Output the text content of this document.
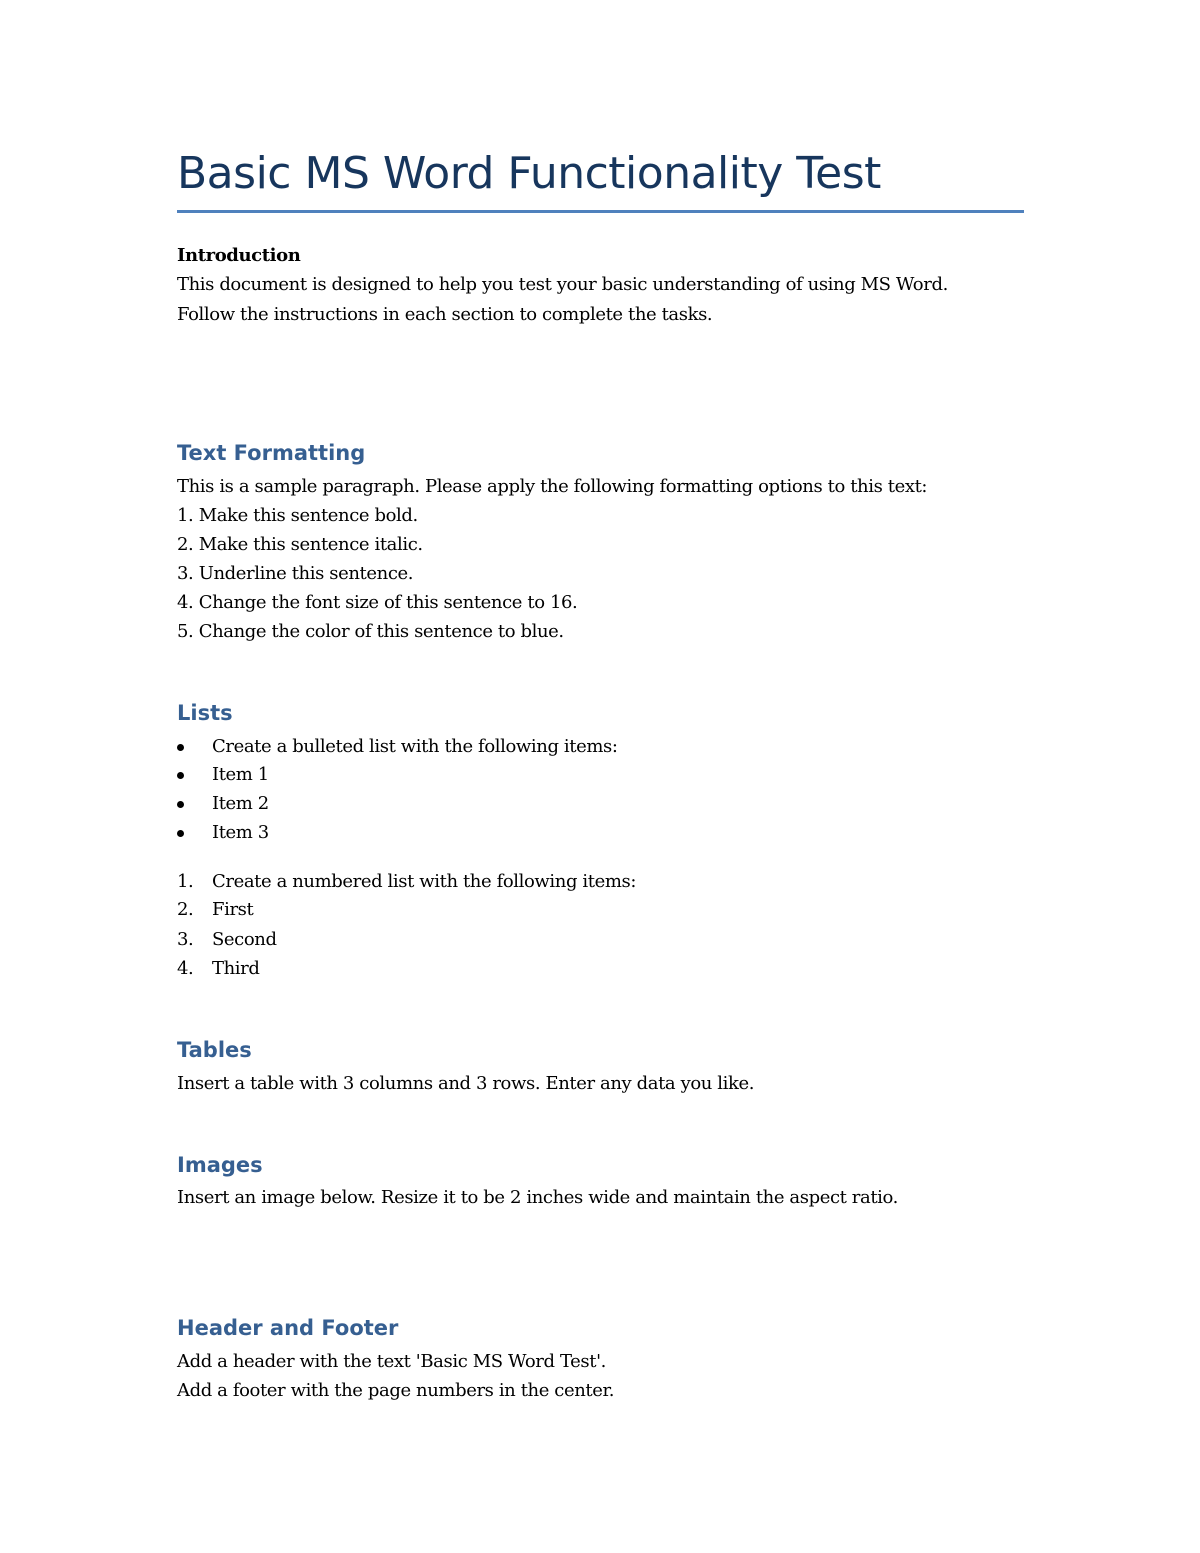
Basic MS Word Functionality Test
Introduction
This document is designed to help you test your basic understanding of using MS Word.
Follow the instructions in each section to complete the tasks.
Text Formatting
This is a sample paragraph. Please apply the following formatting options to this text:
1. Make this sentence bold.
2. Make this sentence italic.
3. Underline this sentence.
4. Change the font size of this sentence to 16.
5. Change the color of this sentence to blue.
Lists
Create a bulleted list with the following items:
Item 1
Item 2
Item 3
1. Create a numbered list with the following items:
2. First
3. Second
4. Third
Tables
Insert a table with 3 columns and 3 rows. Enter any data you like.
Images
Insert an image below. Resize it to be 2 inches wide and maintain the aspect ratio.
Header and Footer
Add a header with the text 'Basic MS Word Test'.
Add a footer with the page numbers in the center.
